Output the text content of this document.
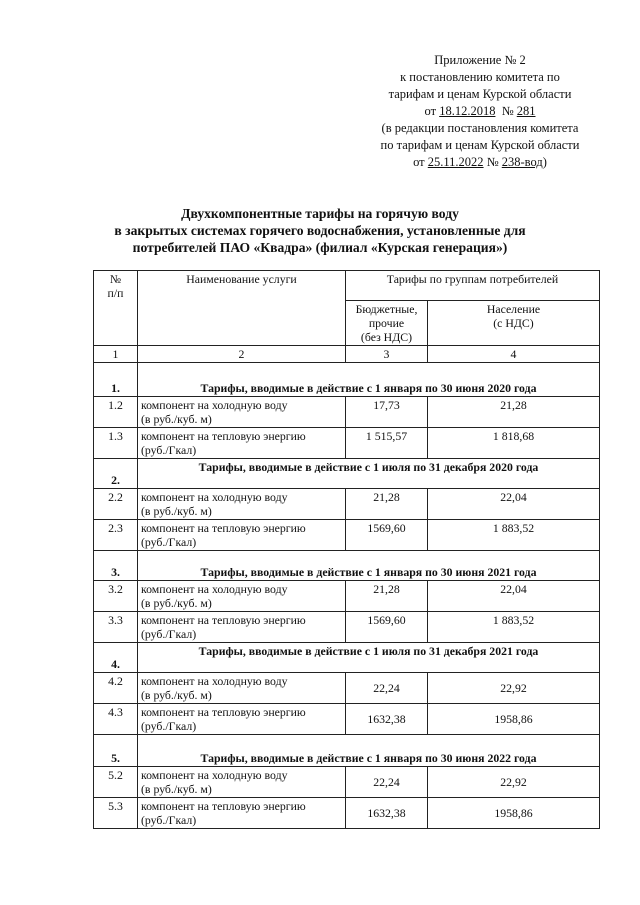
Приложение № 2
к постановлению комитета по
тарифам и ценам Курской области
от 18.12.2018  № 281
(в редакции постановления комитета
по тарифам и ценам Курской области
от 25.11.2022 № 238-вод)
Двухкомпонентные тарифы на горячую воду
в закрытых системах горячего водоснабжения, установленные для
потребителей ПАО «Квадра» (филиал «Курская генерация»)
№
п/п	Наименование услуги	Тарифы по группам потребителей	
		Бюджетные,
прочие
(без НДС)	Население
(с НДС)
1	2	3	4
1.	Тарифы, вводимые в действие с 1 января по 30 июня 2020 года		
1.2	компонент на холодную воду
(в руб./куб. м)	17,73	21,28
1.3	компонент на тепловую энергию
(руб./Гкал)	1 515,57	1 818,68
2.	Тарифы, вводимые в действие с 1 июля по 31 декабря 2020 года		
2.2	компонент на холодную воду
(в руб./куб. м)	21,28	22,04
2.3	компонент на тепловую энергию
(руб./Гкал)	1569,60	1 883,52
3.	Тарифы, вводимые в действие с 1 января по 30 июня 2021 года		
3.2	компонент на холодную воду
(в руб./куб. м)	21,28	22,04
3.3	компонент на тепловую энергию
(руб./Гкал)	1569,60	1 883,52
4.	Тарифы, вводимые в действие с 1 июля по 31 декабря 2021 года		
4.2	компонент на холодную воду
(в руб./куб. м)	22,24	22,92
4.3	компонент на тепловую энергию
(руб./Гкал)	1632,38	1958,86
5.	Тарифы, вводимые в действие с 1 января по 30 июня 2022 года		
5.2	компонент на холодную воду
(в руб./куб. м)	22,24	22,92
5.3	компонент на тепловую энергию
(руб./Гкал)	1632,38	1958,86
